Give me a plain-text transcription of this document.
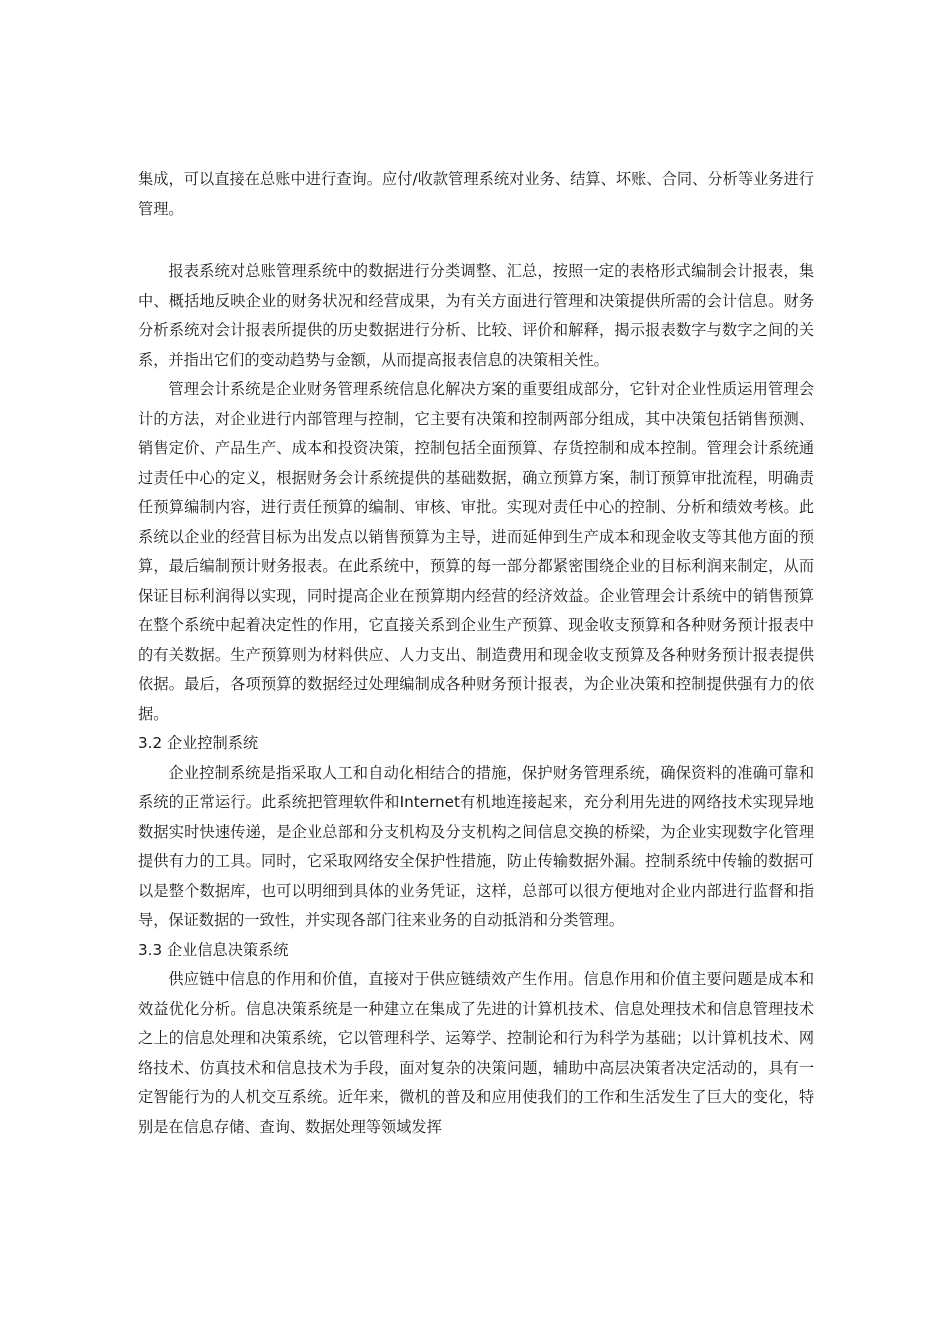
集成，可以直接在总账中进行查询。应付/收款管理系统对业务、结算、坏账、合同、分析等业务进行管理。

报表系统对总账管理系统中的数据进行分类调整、汇总，按照一定的表格形式编制会计报表，集中、概括地反映企业的财务状况和经营成果，为有关方面进行管理和决策提供所需的会计信息。财务分析系统对会计报表所提供的历史数据进行分析、比较、评价和解释，揭示报表数字与数字之间的关系，并指出它们的变动趋势与金额，从而提高报表信息的决策相关性。

管理会计系统是企业财务管理系统信息化解决方案的重要组成部分，它针对企业性质运用管理会计的方法，对企业进行内部管理与控制，它主要有决策和控制两部分组成，其中决策包括销售预测、销售定价、产品生产、成本和投资决策，控制包括全面预算、存货控制和成本控制。管理会计系统通过责任中心的定义，根据财务会计系统提供的基础数据，确立预算方案，制订预算审批流程，明确责任预算编制内容，进行责任预算的编制、审核、审批。实现对责任中心的控制、分析和绩效考核。此系统以企业的经营目标为出发点以销售预算为主导，进而延伸到生产成本和现金收支等其他方面的预算，最后编制预计财务报表。在此系统中，预算的每一部分都紧密围绕企业的目标利润来制定，从而保证目标利润得以实现，同时提高企业在预算期内经营的经济效益。企业管理会计系统中的销售预算在整个系统中起着决定性的作用，它直接关系到企业生产预算、现金收支预算和各种财务预计报表中的有关数据。生产预算则为材料供应、人力支出、制造费用和现金收支预算及各种财务预计报表提供依据。最后，各项预算的数据经过处理编制成各种财务预计报表，为企业决策和控制提供强有力的依据。

3.2 企业控制系统

企业控制系统是指采取人工和自动化相结合的措施，保护财务管理系统，确保资料的准确可靠和系统的正常运行。此系统把管理软件和Internet有机地连接起来，充分利用先进的网络技术实现异地数据实时快速传递，是企业总部和分支机构及分支机构之间信息交换的桥梁，为企业实现数字化管理提供有力的工具。同时，它采取网络安全保护性措施，防止传输数据外漏。控制系统中传输的数据可以是整个数据库，也可以明细到具体的业务凭证，这样，总部可以很方便地对企业内部进行监督和指导，保证数据的一致性，并实现各部门往来业务的自动抵消和分类管理。

3.3 企业信息决策系统

供应链中信息的作用和价值，直接对于供应链绩效产生作用。信息作用和价值主要问题是成本和效益优化分析。信息决策系统是一种建立在集成了先进的计算机技术、信息处理技术和信息管理技术之上的信息处理和决策系统，它以管理科学、运筹学、控制论和行为科学为基础；以计算机技术、网络技术、仿真技术和信息技术为手段，面对复杂的决策问题，辅助中高层决策者决定活动的，具有一定智能行为的人机交互系统。近年来，微机的普及和应用使我们的工作和生活发生了巨大的变化，特别是在信息存储、查询、数据处理等领域发挥
